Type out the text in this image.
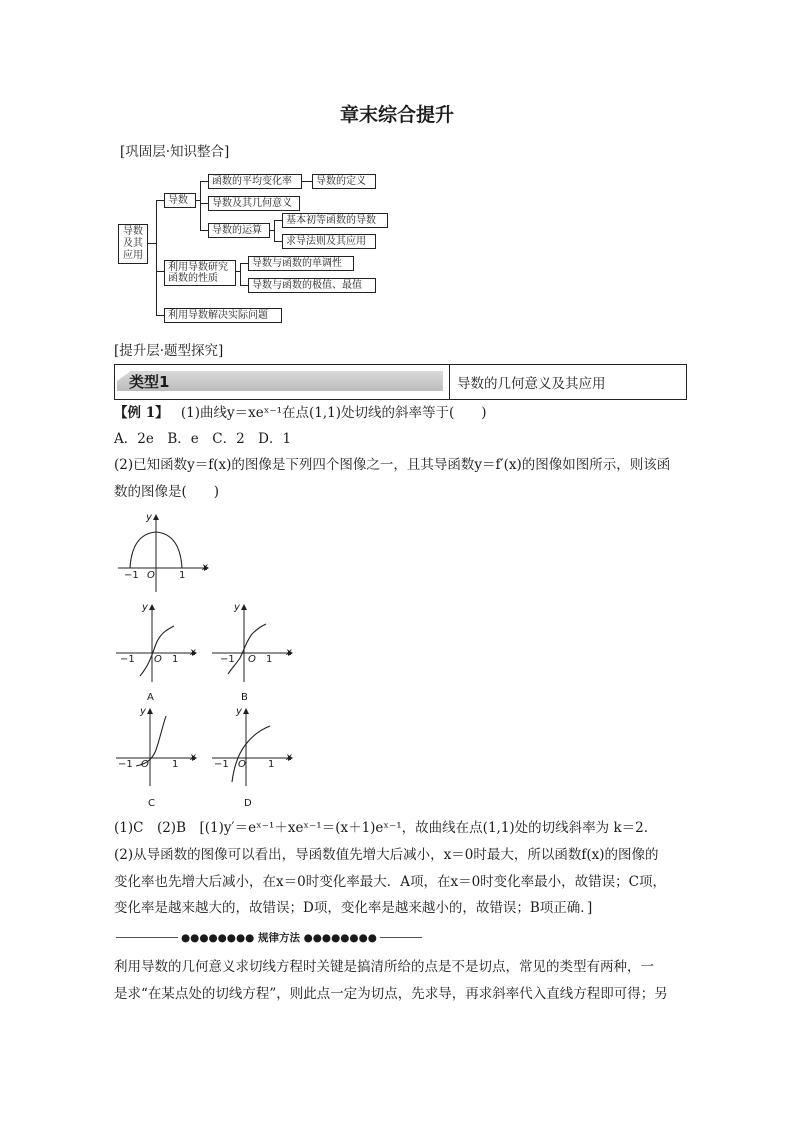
章末综合提升
[巩固层·知识整合]
导数及其应用
导数
函数的平均变化率	导数的定义
导数及其几何意义
导数的运算
基本初等函数的导数
求导法则及其应用
利用导数研究函数的性质
导数与函数的单调性
导数与函数的极值、最值
利用导数解决实际问题
[提升层·题型探究]
类型1	导数的几何意义及其应用
【例 1】 (1)曲线y＝xeˣ⁻¹在点(1,1)处切线的斜率等于(　　)
A．2e　B．e　C．2　D．1
(2)已知函数y＝f(x)的图像是下列四个图像之一，且其导函数y＝f′(x)的图像如图所示，则该函
数的图像是(　　)
y
x
−1 O 1
y
x
−1 O 1
A
y
x
−1 O 1
B
y
x
−1 O 1
C
y
x
−1 O 1
D
(1)C　(2)B　[(1)y′＝eˣ⁻¹＋xeˣ⁻¹＝(x＋1)eˣ⁻¹，故曲线在点(1,1)处的切线斜率为 k＝2.
(2)从导函数的图像可以看出，导函数值先增大后减小，x＝0时最大，所以函数f(x)的图像的
变化率也先增大后减小，在x＝0时变化率最大．A项，在x＝0时变化率最小，故错误；C项，
变化率是越来越大的，故错误；D项，变化率是越来越小的，故错误；B项正确．]
●●●●●●●● 规律方法 ●●●●●●●●
利用导数的几何意义求切线方程时关键是搞清所给的点是不是切点，常见的类型有两种，一
是求“在某点处的切线方程”，则此点一定为切点，先求导，再求斜率代入直线方程即可得；另
